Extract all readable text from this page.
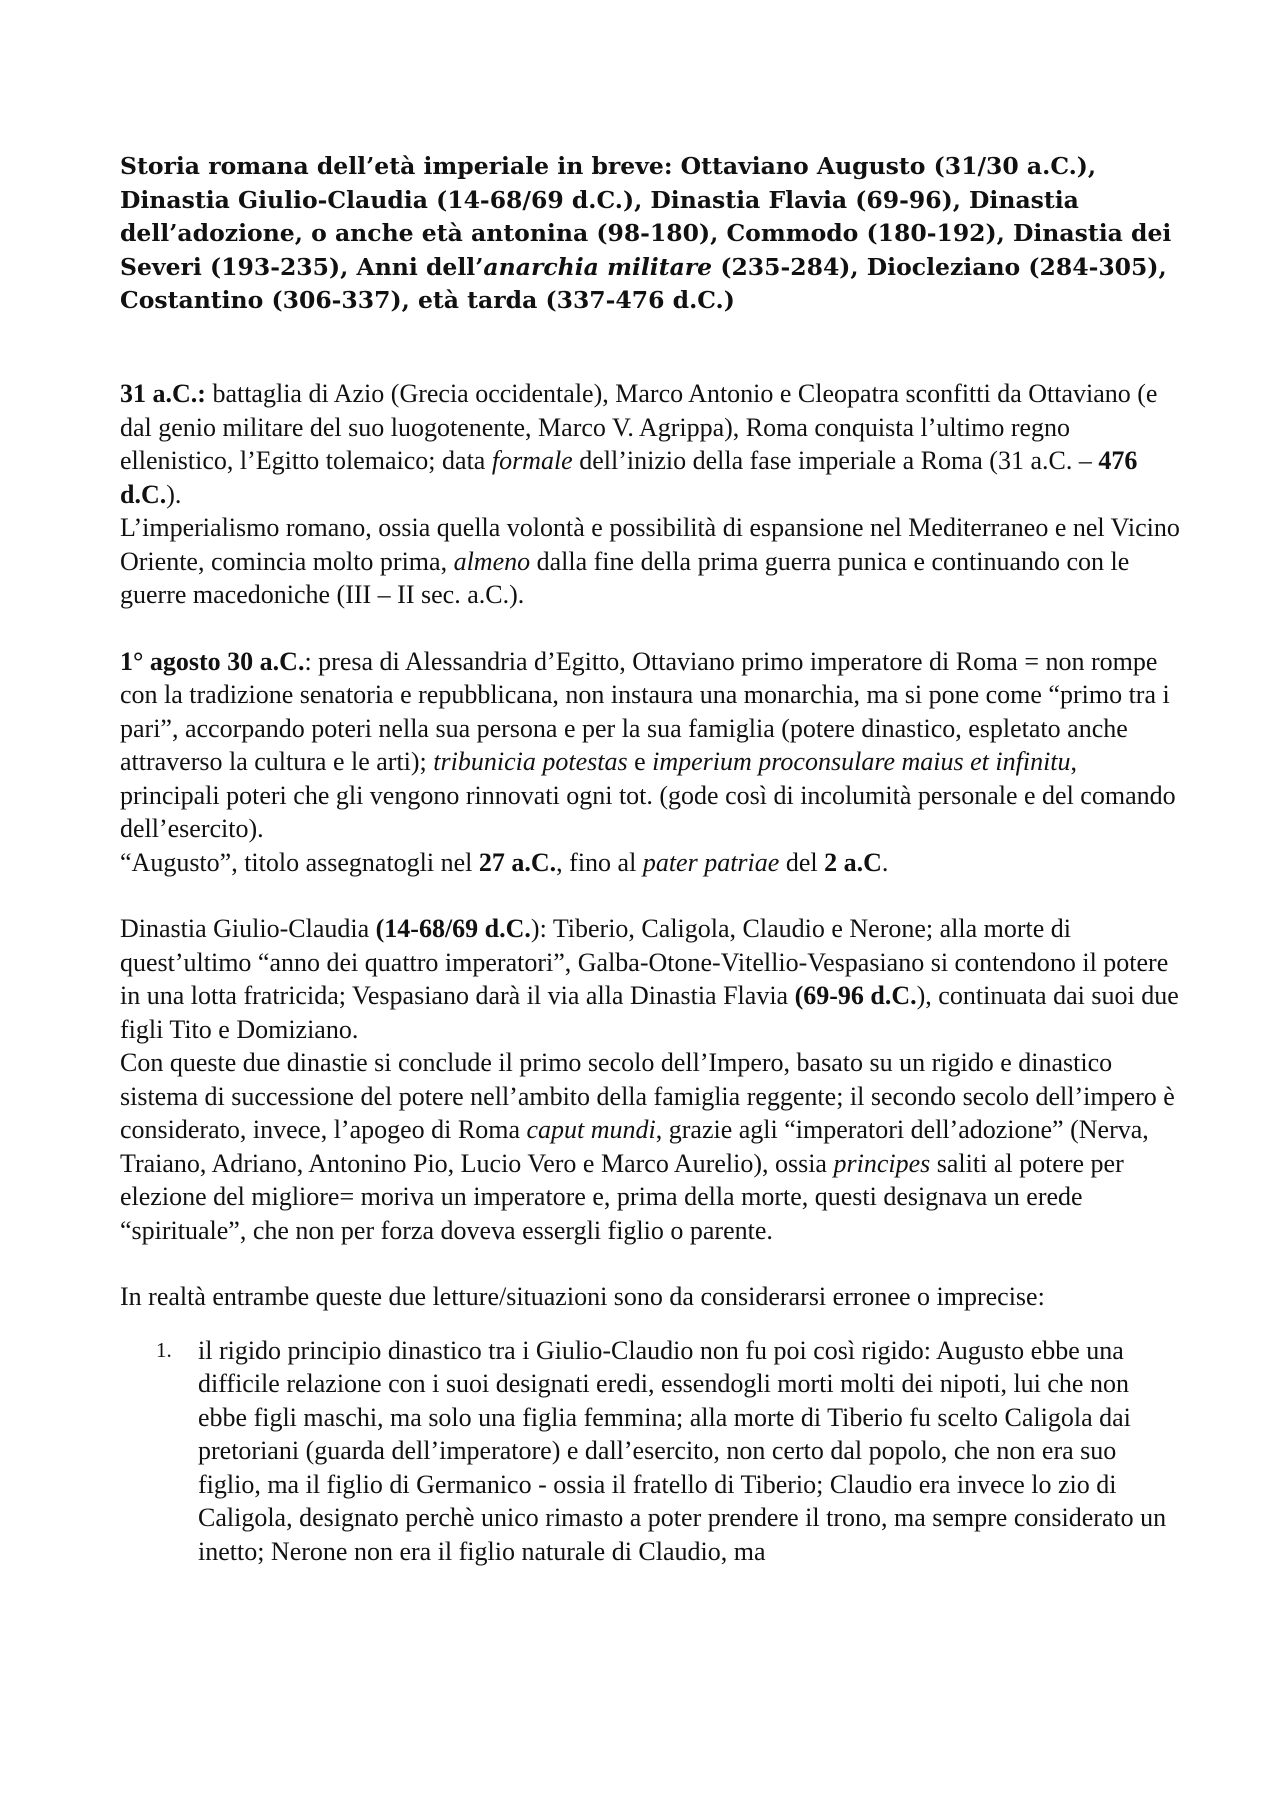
Storia romana dell’età imperiale in breve: Ottaviano Augusto (31/30 a.C.), Dinastia Giulio-Claudia (14-68/69 d.C.), Dinastia Flavia (69-96), Dinastia dell’adozione, o anche età antonina (98-180), Commodo (180-192), Dinastia dei Severi (193-235), Anni dell’anarchia militare (235-284), Diocleziano (284-305), Costantino (306-337), età tarda (337-476 d.C.)

31 a.C.: battaglia di Azio (Grecia occidentale), Marco Antonio e Cleopatra sconfitti da Ottaviano (e dal genio militare del suo luogotenente, Marco V. Agrippa), Roma conquista l’ultimo regno ellenistico, l’Egitto tolemaico; data formale dell’inizio della fase imperiale a Roma (31 a.C. – 476 d.C.).

L’imperialismo romano, ossia quella volontà e possibilità di espansione nel Mediterraneo e nel Vicino Oriente, comincia molto prima, almeno dalla fine della prima guerra punica e continuando con le guerre macedoniche (III – II sec. a.C.).

1° agosto 30 a.C.: presa di Alessandria d’Egitto, Ottaviano primo imperatore di Roma = non rompe con la tradizione senatoria e repubblicana, non instaura una monarchia, ma si pone come “primo tra i pari”, accorpando poteri nella sua persona e per la sua famiglia (potere dinastico, espletato anche attraverso la cultura e le arti); tribunicia potestas e imperium proconsulare maius et infinitu, principali poteri che gli vengono rinnovati ogni tot. (gode così di incolumità personale e del comando dell’esercito).

“Augusto”, titolo assegnatogli nel 27 a.C., fino al pater patriae del 2 a.C.

Dinastia Giulio-Claudia (14-68/69 d.C.): Tiberio, Caligola, Claudio e Nerone; alla morte di quest’ultimo “anno dei quattro imperatori”, Galba-Otone-Vitellio-Vespasiano si contendono il potere in una lotta fratricida; Vespasiano darà il via alla Dinastia Flavia (69-96 d.C.), continuata dai suoi due figli Tito e Domiziano.

Con queste due dinastie si conclude il primo secolo dell’Impero, basato su un rigido e dinastico sistema di successione del potere nell’ambito della famiglia reggente; il secondo secolo dell’impero è considerato, invece, l’apogeo di Roma caput mundi, grazie agli “imperatori dell’adozione” (Nerva, Traiano, Adriano, Antonino Pio, Lucio Vero e Marco Aurelio), ossia principes saliti al potere per elezione del migliore= moriva un imperatore e, prima della morte, questi designava un erede “spirituale”, che non per forza doveva essergli figlio o parente.

In realtà entrambe queste due letture/situazioni sono da considerarsi erronee o imprecise:

1. il rigido principio dinastico tra i Giulio-Claudio non fu poi così rigido: Augusto ebbe una difficile relazione con i suoi designati eredi, essendogli morti molti dei nipoti, lui che non ebbe figli maschi, ma solo una figlia femmina; alla morte di Tiberio fu scelto Caligola dai pretoriani (guarda dell’imperatore) e dall’esercito, non certo dal popolo, che non era suo figlio, ma il figlio di Germanico - ossia il fratello di Tiberio; Claudio era invece lo zio di Caligola, designato perchè unico rimasto a poter prendere il trono, ma sempre considerato un inetto; Nerone non era il figlio naturale di Claudio, ma
